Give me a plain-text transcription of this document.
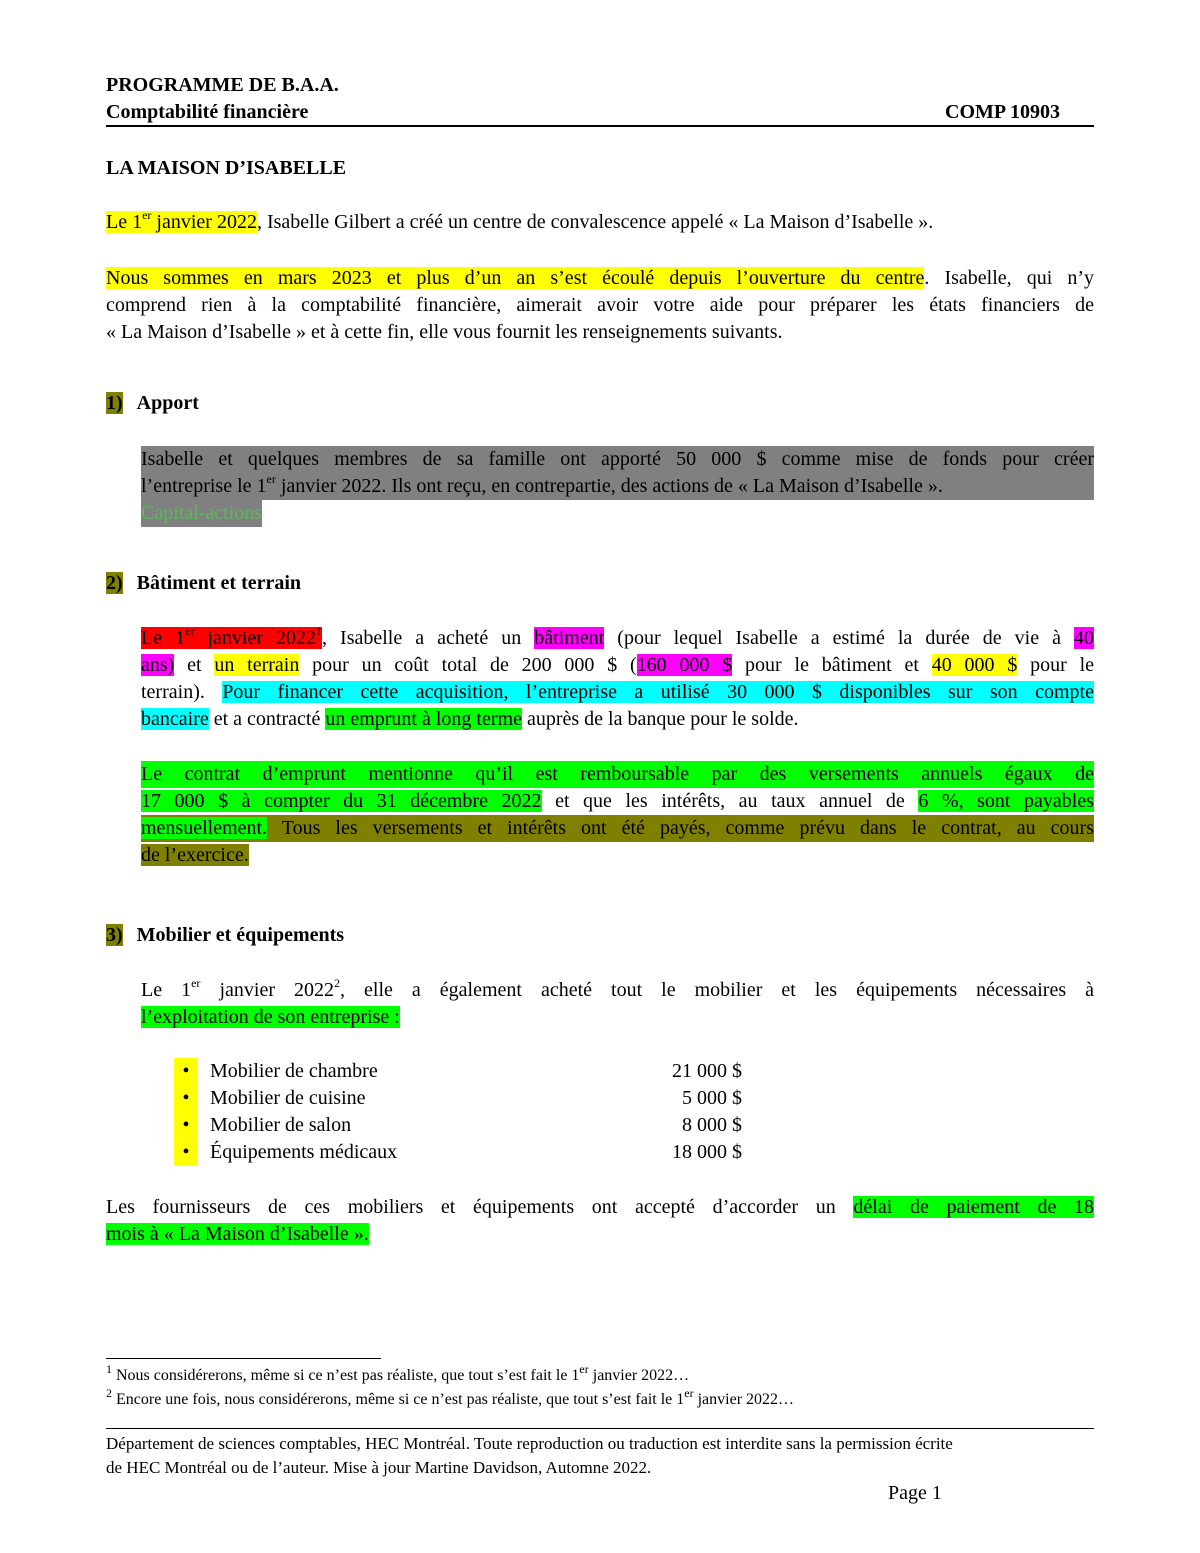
PROGRAMME DE B.A.A.
Comptabilité financière	COMP 10903
LA MAISON D’ISABELLE
Le 1er janvier 2022, Isabelle Gilbert a créé un centre de convalescence appelé « La Maison d’Isabelle ».
Nous sommes en mars 2023 et plus d’un an s’est écoulé depuis l’ouverture du centre. Isabelle, qui n’y
comprend rien à la comptabilité financière, aimerait avoir votre aide pour préparer les états financiers de
« La Maison d’Isabelle » et à cette fin, elle vous fournit les renseignements suivants.
1) Apport
Isabelle et quelques membres de sa famille ont apporté 50 000 $ comme mise de fonds pour créer
l’entreprise le 1er janvier 2022. Ils ont reçu, en contrepartie, des actions de « La Maison d’Isabelle ».
Capital-actions
2) Bâtiment et terrain
Le 1er janvier 2022$^1$, Isabelle a acheté un bâtiment (pour lequel Isabelle a estimé la durée de vie à 40
ans) et un terrain pour un coût total de 200 000 $ (160 000 $ pour le bâtiment et 40 000 $ pour le
terrain). Pour financer cette acquisition, l’entreprise a utilisé 30 000 $ disponibles sur son compte
bancaire et a contracté un emprunt à long terme auprès de la banque pour le solde.
Le contrat d’emprunt mentionne qu’il est remboursable par des versements annuels égaux de
17 000 $ à compter du 31 décembre 2022 et que les intérêts, au taux annuel de 6 %, sont payables
mensuellement. Tous les versements et intérêts ont été payés, comme prévu dans le contrat, au cours
de l’exercice.
3) Mobilier et équipements
Le 1er janvier 2022$^2$, elle a également acheté tout le mobilier et les équipements nécessaires à
l’exploitation de son entreprise :
•	Mobilier de chambre	21 000 $
•	Mobilier de cuisine	5 000 $
•	Mobilier de salon	8 000 $
•	Équipements médicaux	18 000 $
Les fournisseurs de ces mobiliers et équipements ont accepté d’accorder un délai de paiement de 18
mois à « La Maison d’Isabelle ».
$^1$ Nous considérerons, même si ce n’est pas réaliste, que tout s’est fait le 1er janvier 2022…
$^2$ Encore une fois, nous considérerons, même si ce n’est pas réaliste, que tout s’est fait le 1er janvier 2022…
Département de sciences comptables, HEC Montréal. Toute reproduction ou traduction est interdite sans la permission écrite
de HEC Montréal ou de l’auteur. Mise à jour Martine Davidson, Automne 2022.
Page 1
